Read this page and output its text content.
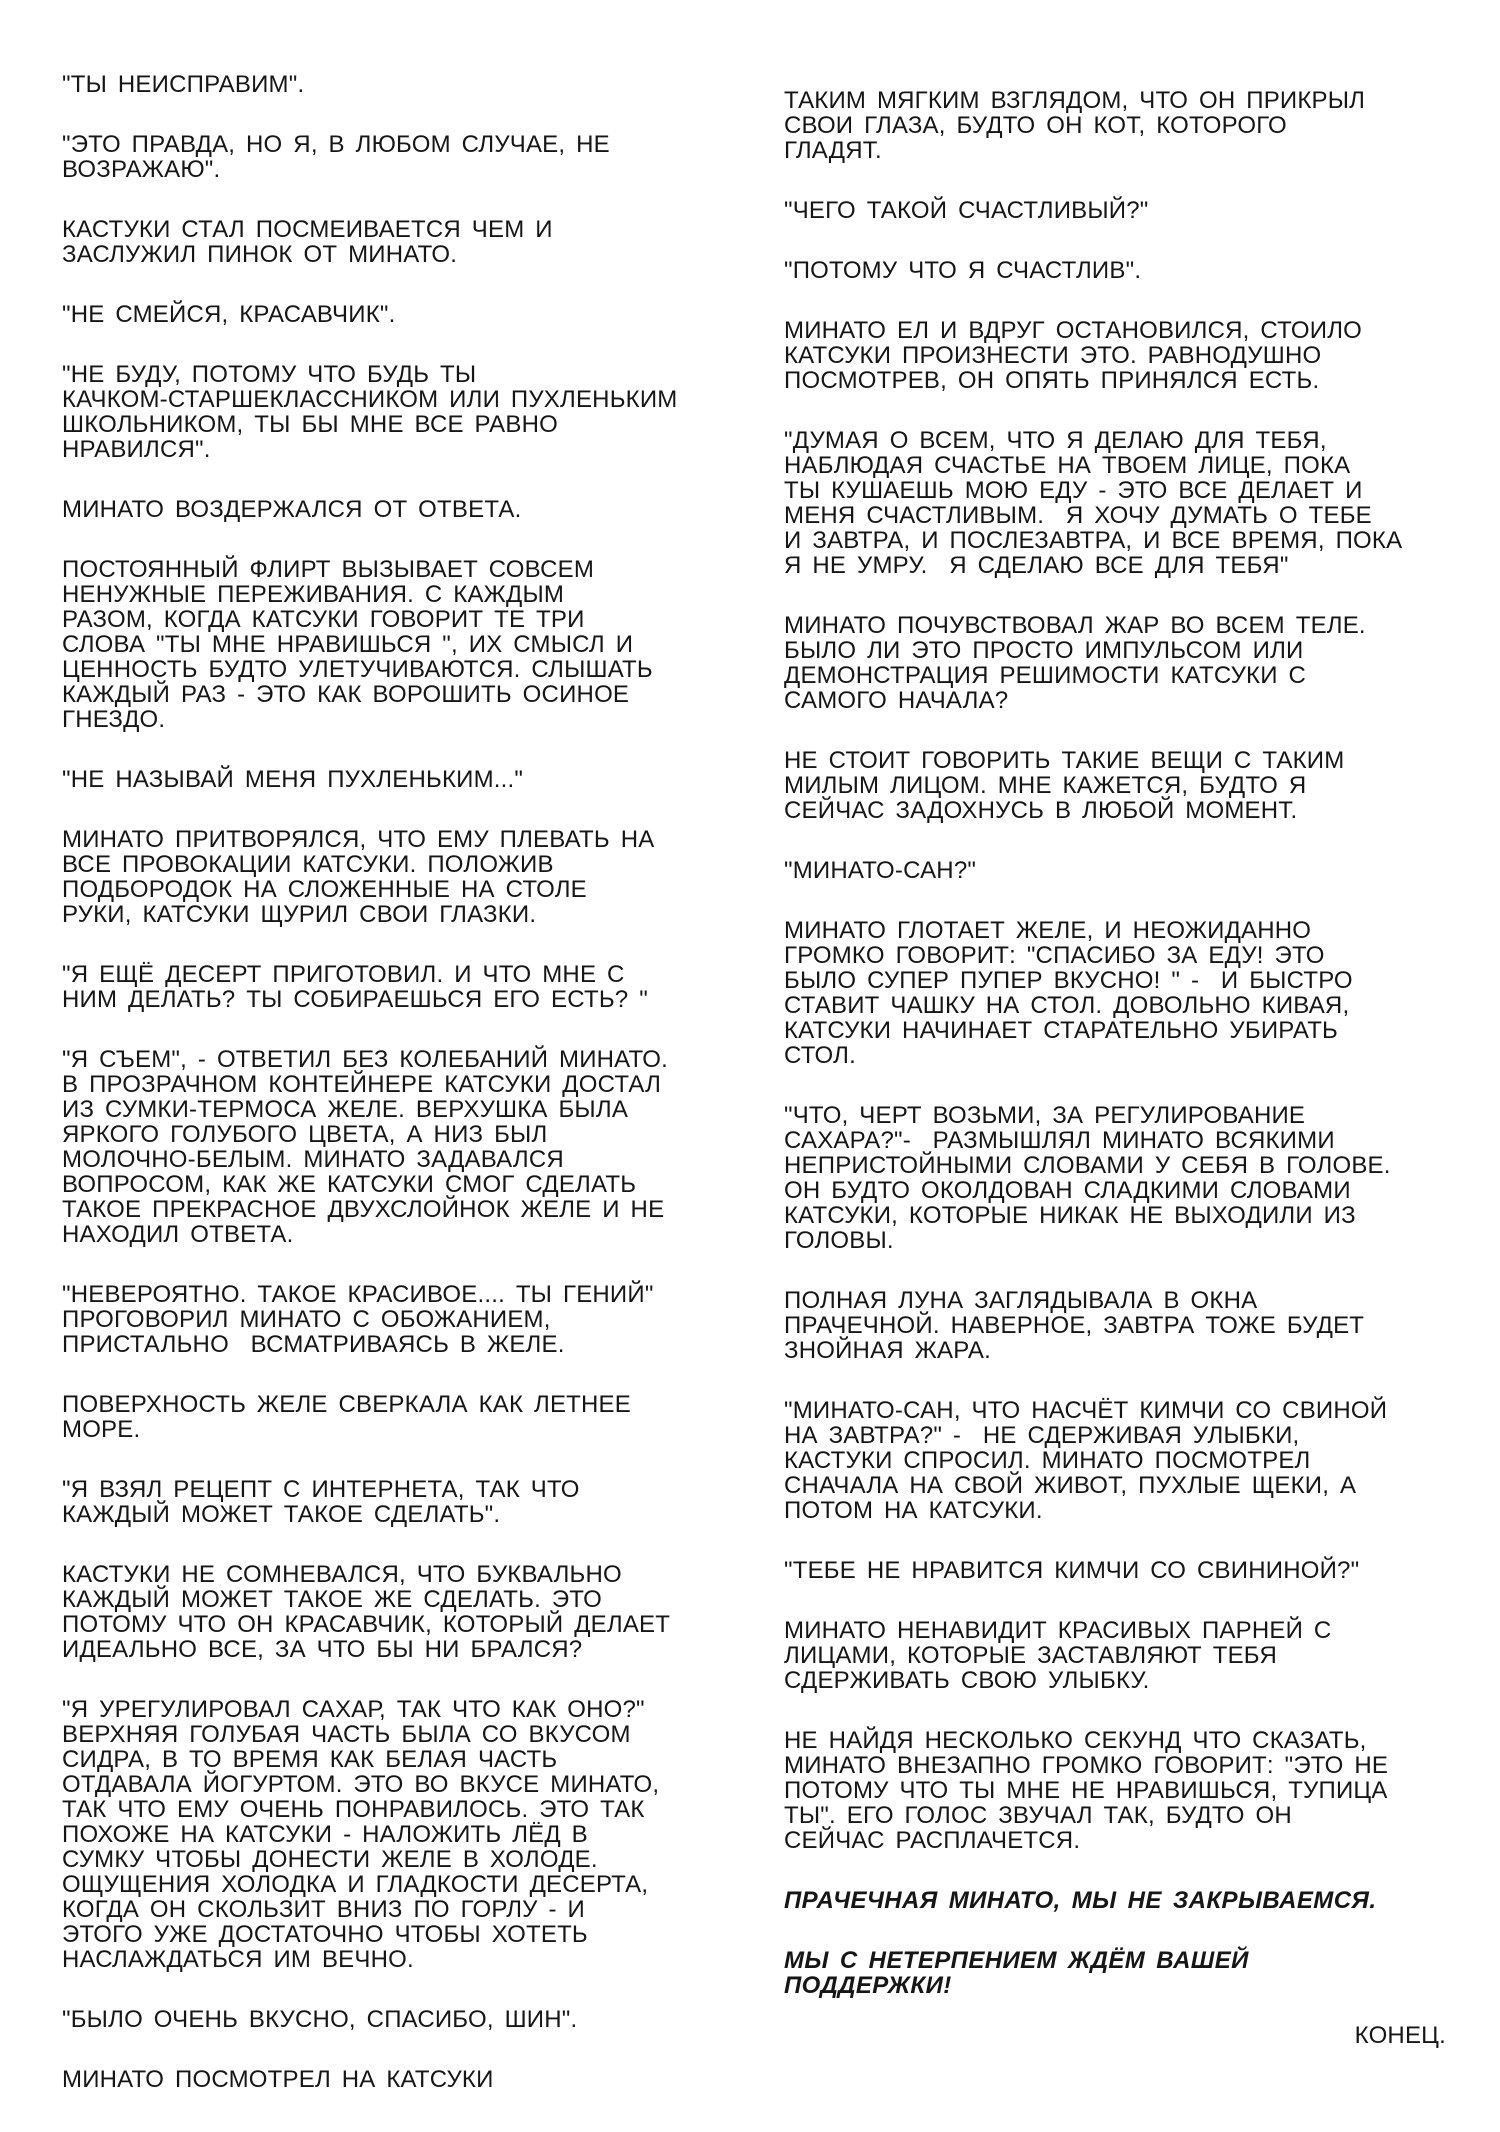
"ТЫ НЕИСПРАВИМ".

"ЭТО ПРАВДА, НО Я, В ЛЮБОМ СЛУЧАЕ, НЕ
ВОЗРАЖАЮ".

КАСТУКИ СТАЛ ПОСМЕИВАЕТСЯ ЧЕМ И
ЗАСЛУЖИЛ ПИНОК ОТ МИНАТО.

"НЕ СМЕЙСЯ, КРАСАВЧИК".

"НЕ БУДУ, ПОТОМУ ЧТО БУДЬ ТЫ
КАЧКОМ-СТАРШЕКЛАССНИКОМ ИЛИ ПУХЛЕНЬКИМ
ШКОЛЬНИКОМ, ТЫ БЫ МНЕ ВСЕ РАВНО
НРАВИЛСЯ".

МИНАТО ВОЗДЕРЖАЛСЯ ОТ ОТВЕТА.

ПОСТОЯННЫЙ ФЛИРТ ВЫЗЫВАЕТ СОВСЕМ
НЕНУЖНЫЕ ПЕРЕЖИВАНИЯ. С КАЖДЫМ
РАЗОМ, КОГДА КАТСУКИ ГОВОРИТ ТЕ ТРИ
СЛОВА "ТЫ МНЕ НРАВИШЬСЯ ", ИХ СМЫСЛ И
ЦЕННОСТЬ БУДТО УЛЕТУЧИВАЮТСЯ. СЛЫШАТЬ
КАЖДЫЙ РАЗ - ЭТО КАК ВОРОШИТЬ ОСИНОЕ
ГНЕЗДО.

"НЕ НАЗЫВАЙ МЕНЯ ПУХЛЕНЬКИМ..."

МИНАТО ПРИТВОРЯЛСЯ, ЧТО ЕМУ ПЛЕВАТЬ НА
ВСЕ ПРОВОКАЦИИ КАТСУКИ. ПОЛОЖИВ
ПОДБОРОДОК НА СЛОЖЕННЫЕ НА СТОЛЕ
РУКИ, КАТСУКИ ЩУРИЛ СВОИ ГЛАЗКИ.

"Я ЕЩЁ ДЕСЕРТ ПРИГОТОВИЛ. И ЧТО МНЕ С
НИМ ДЕЛАТЬ? ТЫ СОБИРАЕШЬСЯ ЕГО ЕСТЬ? "

"Я СЪЕМ", - ОТВЕТИЛ БЕЗ КОЛЕБАНИЙ МИНАТО.
В ПРОЗРАЧНОМ КОНТЕЙНЕРЕ КАТСУКИ ДОСТАЛ
ИЗ СУМКИ-ТЕРМОСА ЖЕЛЕ. ВЕРХУШКА БЫЛА
ЯРКОГО ГОЛУБОГО ЦВЕТА, А НИЗ БЫЛ
МОЛОЧНО-БЕЛЫМ. МИНАТО ЗАДАВАЛСЯ
ВОПРОСОМ, КАК ЖЕ КАТСУКИ СМОГ СДЕЛАТЬ
ТАКОЕ ПРЕКРАСНОЕ ДВУХСЛОЙНОК ЖЕЛЕ И НЕ
НАХОДИЛ ОТВЕТА.

"НЕВЕРОЯТНО. ТАКОЕ КРАСИВОЕ.... ТЫ ГЕНИЙ"
ПРОГОВОРИЛ МИНАТО С ОБОЖАНИЕМ,
ПРИСТАЛЬНО  ВСМАТРИВАЯСЬ В ЖЕЛЕ.

ПОВЕРХНОСТЬ ЖЕЛЕ СВЕРКАЛА КАК ЛЕТНЕЕ
МОРЕ.

"Я ВЗЯЛ РЕЦЕПТ С ИНТЕРНЕТА, ТАК ЧТО
КАЖДЫЙ МОЖЕТ ТАКОЕ СДЕЛАТЬ".

КАСТУКИ НЕ СОМНЕВАЛСЯ, ЧТО БУКВАЛЬНО
КАЖДЫЙ МОЖЕТ ТАКОЕ ЖЕ СДЕЛАТЬ. ЭТО
ПОТОМУ ЧТО ОН КРАСАВЧИК, КОТОРЫЙ ДЕЛАЕТ
ИДЕАЛЬНО ВСЕ, ЗА ЧТО БЫ НИ БРАЛСЯ?

"Я УРЕГУЛИРОВАЛ САХАР, ТАК ЧТО КАК ОНО?"
ВЕРХНЯЯ ГОЛУБАЯ ЧАСТЬ БЫЛА СО ВКУСОМ
СИДРА, В ТО ВРЕМЯ КАК БЕЛАЯ ЧАСТЬ
ОТДАВАЛА ЙОГУРТОМ. ЭТО ВО ВКУСЕ МИНАТО,
ТАК ЧТО ЕМУ ОЧЕНЬ ПОНРАВИЛОСЬ. ЭТО ТАК
ПОХОЖЕ НА КАТСУКИ - НАЛОЖИТЬ ЛЁД В
СУМКУ ЧТОБЫ ДОНЕСТИ ЖЕЛЕ В ХОЛОДЕ.
ОЩУЩЕНИЯ ХОЛОДКА И ГЛАДКОСТИ ДЕСЕРТА,
КОГДА ОН СКОЛЬЗИТ ВНИЗ ПО ГОРЛУ - И
ЭТОГО УЖЕ ДОСТАТОЧНО ЧТОБЫ ХОТЕТЬ
НАСЛАЖДАТЬСЯ ИМ ВЕЧНО.

"БЫЛО ОЧЕНЬ ВКУСНО, СПАСИБО, ШИН".

МИНАТО ПОСМОТРЕЛ НА КАТСУКИ

ТАКИМ МЯГКИМ ВЗГЛЯДОМ, ЧТО ОН ПРИКРЫЛ
СВОИ ГЛАЗА, БУДТО ОН КОТ, КОТОРОГО
ГЛАДЯТ.

"ЧЕГО ТАКОЙ СЧАСТЛИВЫЙ?"

"ПОТОМУ ЧТО Я СЧАСТЛИВ".

МИНАТО ЕЛ И ВДРУГ ОСТАНОВИЛСЯ, СТОИЛО
КАТСУКИ ПРОИЗНЕСТИ ЭТО. РАВНОДУШНО
ПОСМОТРЕВ, ОН ОПЯТЬ ПРИНЯЛСЯ ЕСТЬ.

"ДУМАЯ О ВСЕМ, ЧТО Я ДЕЛАЮ ДЛЯ ТЕБЯ,
НАБЛЮДАЯ СЧАСТЬЕ НА ТВОЕМ ЛИЦЕ, ПОКА
ТЫ КУШАЕШЬ МОЮ ЕДУ - ЭТО ВСЕ ДЕЛАЕТ И
МЕНЯ СЧАСТЛИВЫМ.  Я ХОЧУ ДУМАТЬ О ТЕБЕ
И ЗАВТРА, И ПОСЛЕЗАВТРА, И ВСЕ ВРЕМЯ, ПОКА
Я НЕ УМРУ.  Я СДЕЛАЮ ВСЕ ДЛЯ ТЕБЯ"

МИНАТО ПОЧУВСТВОВАЛ ЖАР ВО ВСЕМ ТЕЛЕ.
БЫЛО ЛИ ЭТО ПРОСТО ИМПУЛЬСОМ ИЛИ
ДЕМОНСТРАЦИЯ РЕШИМОСТИ КАТСУКИ С
САМОГО НАЧАЛА?

НЕ СТОИТ ГОВОРИТЬ ТАКИЕ ВЕЩИ С ТАКИМ
МИЛЫМ ЛИЦОМ. МНЕ КАЖЕТСЯ, БУДТО Я
СЕЙЧАС ЗАДОХНУСЬ В ЛЮБОЙ МОМЕНТ.

"МИНАТО-САН?"

МИНАТО ГЛОТАЕТ ЖЕЛЕ, И НЕОЖИДАННО
ГРОМКО ГОВОРИТ: "СПАСИБО ЗА ЕДУ! ЭТО
БЫЛО СУПЕР ПУПЕР ВКУСНО! " -  И БЫСТРО
СТАВИТ ЧАШКУ НА СТОЛ. ДОВОЛЬНО КИВАЯ,
КАТСУКИ НАЧИНАЕТ СТАРАТЕЛЬНО УБИРАТЬ
СТОЛ.

"ЧТО, ЧЕРТ ВОЗЬМИ, ЗА РЕГУЛИРОВАНИЕ
САХАРА?"-  РАЗМЫШЛЯЛ МИНАТО ВСЯКИМИ
НЕПРИСТОЙНЫМИ СЛОВАМИ У СЕБЯ В ГОЛОВЕ.
ОН БУДТО ОКОЛДОВАН СЛАДКИМИ СЛОВАМИ
КАТСУКИ, КОТОРЫЕ НИКАК НЕ ВЫХОДИЛИ ИЗ
ГОЛОВЫ.

ПОЛНАЯ ЛУНА ЗАГЛЯДЫВАЛА В ОКНА
ПРАЧЕЧНОЙ. НАВЕРНОЕ, ЗАВТРА ТОЖЕ БУДЕТ
ЗНОЙНАЯ ЖАРА.

"МИНАТО-САН, ЧТО НАСЧЁТ КИМЧИ СО СВИНОЙ
НА ЗАВТРА?" -  НЕ СДЕРЖИВАЯ УЛЫБКИ,
КАСТУКИ СПРОСИЛ. МИНАТО ПОСМОТРЕЛ
СНАЧАЛА НА СВОЙ ЖИВОТ, ПУХЛЫЕ ЩЕКИ, А
ПОТОМ НА КАТСУКИ.

"ТЕБЕ НЕ НРАВИТСЯ КИМЧИ СО СВИНИНОЙ?"

МИНАТО НЕНАВИДИТ КРАСИВЫХ ПАРНЕЙ С
ЛИЦАМИ, КОТОРЫЕ ЗАСТАВЛЯЮТ ТЕБЯ
СДЕРЖИВАТЬ СВОЮ УЛЫБКУ.

НЕ НАЙДЯ НЕСКОЛЬКО СЕКУНД ЧТО СКАЗАТЬ,
МИНАТО ВНЕЗАПНО ГРОМКО ГОВОРИТ: "ЭТО НЕ
ПОТОМУ ЧТО ТЫ МНЕ НЕ НРАВИШЬСЯ, ТУПИЦА
ТЫ". ЕГО ГОЛОС ЗВУЧАЛ ТАК, БУДТО ОН
СЕЙЧАС РАСПЛАЧЕТСЯ.

ПРАЧЕЧНАЯ МИНАТО, МЫ НЕ ЗАКРЫВАЕМСЯ.

МЫ С НЕТЕРПЕНИЕМ ЖДЁМ ВАШЕЙ
ПОДДЕРЖКИ!

КОНЕЦ.
